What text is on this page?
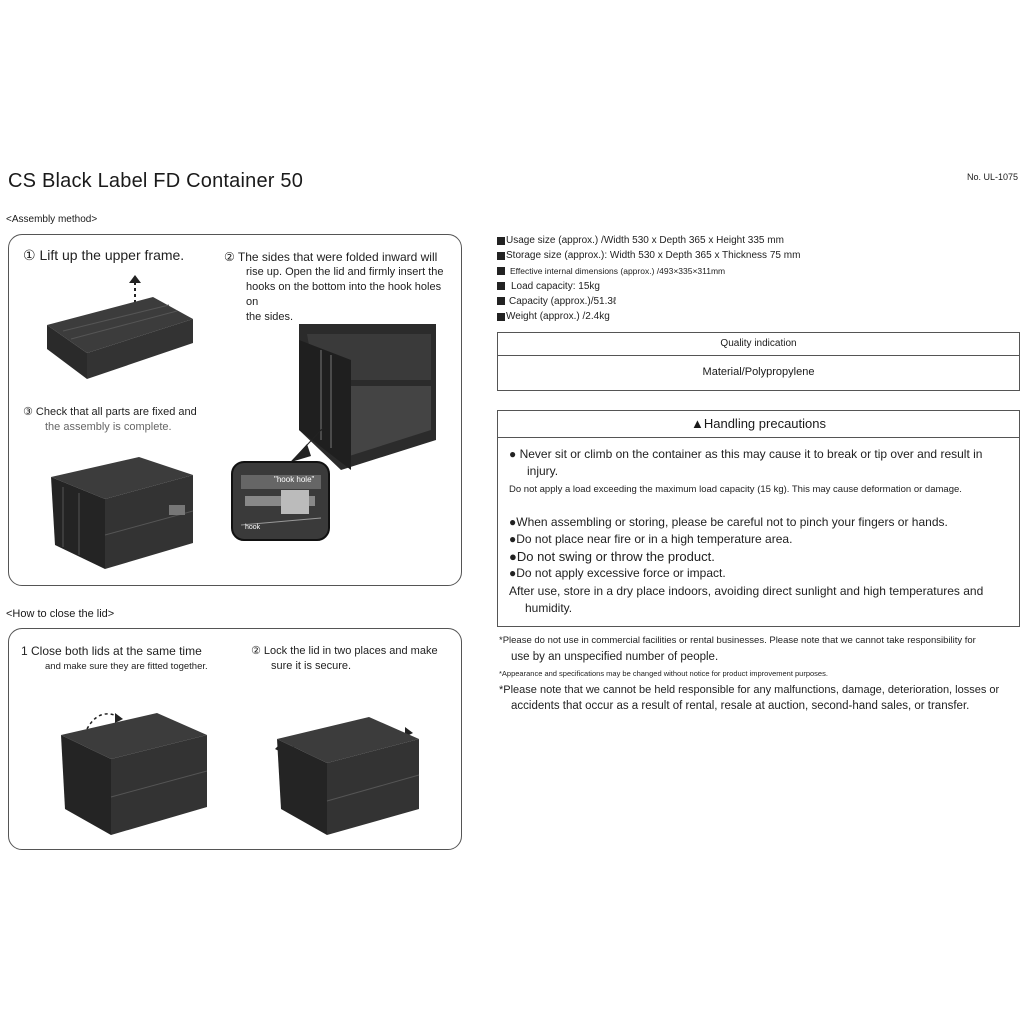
CS Black Label FD Container 50	No. UL-1075
<Assembly method>
① Lift up the upper frame.	② The sides that were folded inward will
rise up. Open the lid and firmly insert the
hooks on the bottom into the hook holes on
the sides.
③ Check that all parts are fixed and
the assembly is complete.
"hook hole"
hook
<How to close the lid>
1 Close both lids at the same time
and make sure they are fitted together.
② Lock the lid in two places and make
sure it is secure.
Usage size (approx.) /Width 530 x Depth 365 x Height 335 mm
Storage size (approx.): Width 530 x Depth 365 x Thickness 75 mm
Effective internal dimensions (approx.) /493×335×311mm
Load capacity: 15kg
Capacity (approx.)/51.3ℓ
Weight (approx.) /2.4kg
Quality indication
Material/Polypropylene
▲Handling precautions
● Never sit or climb on the container as this may cause it to break or tip over and result in
injury.
Do not apply a load exceeding the maximum load capacity (15 kg). This may cause deformation or damage.
●When assembling or storing, please be careful not to pinch your fingers or hands.
●Do not place near fire or in a high temperature area.
●Do not swing or throw the product.
●Do not apply excessive force or impact.
After use, store in a dry place indoors, avoiding direct sunlight and high temperatures and
humidity.
*Please do not use in commercial facilities or rental businesses. Please note that we cannot take responsibility for
use by an unspecified number of people.
*Appearance and specifications may be changed without notice for product improvement purposes.
*Please note that we cannot be held responsible for any malfunctions, damage, deterioration, losses or
accidents that occur as a result of rental, resale at auction, second-hand sales, or transfer.
